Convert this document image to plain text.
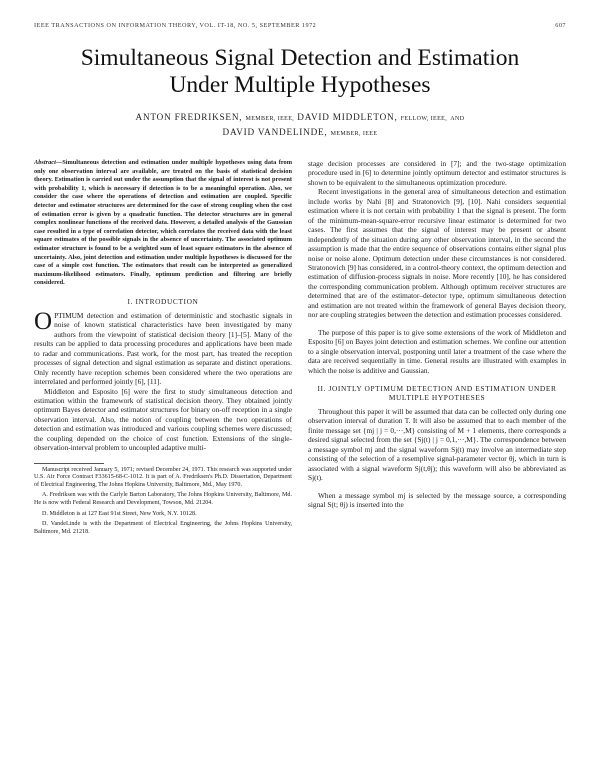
IEEE TRANSACTIONS ON INFORMATION THEORY, VOL. IT-18, NO. 5, SEPTEMBER 1972	607
Simultaneous Signal Detection and Estimation
Under Multiple Hypotheses
ANTON FREDRIKSEN, MEMBER, IEEE, DAVID MIDDLETON, FELLOW, IEEE, AND
DAVID VANDELINDE, MEMBER, IEEE

Abstract—Simultaneous detection and estimation under multiple hypotheses using data from only one observation interval are available, are treated on the basis of statistical decision theory. Estimation is carried out under the assumption that the signal of interest is not present with probability 1, which is necessary if detection is to be a meaningful operation. Also, we consider the case where the operations of detection and estimation are coupled. Specific detector and estimator structures are determined for the case of strong coupling when the cost of estimation error is given by a quadratic function. The detector structures are in general complex nonlinear functions of the received data. However, a detailed analysis of the Gaussian case resulted in a type of correlation detector, which correlates the received data with the least square estimates of the possible signals in the absence of uncertainty. The associated optimum estimator structure is found to be a weighted sum of least square estimators in the absence of uncertainty. Also, joint detection and estimation under multiple hypotheses is discussed for the case of a simple cost function. The estimators that result can be interpreted as generalized maximum-likelihood estimators. Finally, optimum prediction and filtering are briefly considered.

I. INTRODUCTION

OPTIMUM detection and estimation of deterministic and stochastic signals in noise of known statistical characteristics have been investigated by many authors from the viewpoint of statistical decision theory [1]–[5]. Many of the results can be applied to data processing procedures and applications have been made to radar and communications. Past work, for the most part, has treated the reception processes of signal detection and signal estimation as separate and distinct operations. Only recently have reception schemes been considered where the two operations are interrelated and performed jointly [6], [11].

Middleton and Esposito [6] were the first to study simultaneous detection and estimation within the framework of statistical decision theory. They obtained jointly optimum Bayes detector and estimator structures for binary on-off reception in a single observation interval. Also, the notion of coupling between the two operations of detection and estimation was introduced and various coupling schemes were discussed; the coupling depended on the choice of cost function. Extensions of the single-observation-interval problem to uncoupled adaptive multi-

Manuscript received January 5, 1971; revised December 24, 1971. This research was supported under U.S. Air Force Contract F33615-68-C-1012. It is part of A. Fredriksen's Ph.D. Dissertation, Department of Electrical Engineering, The Johns Hopkins University, Baltimore, Md., May 1970.
A. Fredriksen was with the Carlyle Barton Laboratory, The Johns Hopkins University, Baltimore, Md. He is now with Federal Research and Development, Towson, Md. 21204.
D. Middleton is at 127 East 91st Street, New York, N.Y. 10128.
D. VandeLinde is with the Department of Electrical Engineering, the Johns Hopkins University, Baltimore, Md. 21218.

stage decision processes are considered in [7]; and the two-stage optimization procedure used in [6] to determine jointly optimum detector and estimator structures is shown to be equivalent to the simultaneous optimization procedure.

Recent investigations in the general area of simultaneous detection and estimation include works by Nahi [8] and Stratonovich [9], [10]. Nahi considers sequential estimation where it is not certain with probability 1 that the signal is present. The form of the minimum-mean-square-error recursive linear estimator is determined for two cases. The first assumes that the signal of interest may be present or absent independently of the situation during any other observation interval, in the second the assumption is made that the entire sequence of observations contains either signal plus noise or noise alone. Optimum detection under these circumstances is not considered. Stratonovich [9] has considered, in a control-theory context, the optimum detection and estimation of diffusion-process signals in noise. More recently [10], he has considered the corresponding communication problem. Although optimum receiver structures are determined that are of the estimator–detector type, optimum simultaneous detection and estimation are not treated within the framework of general Bayes decision theory, nor are coupling strategies between the detection and estimation processes considered.

The purpose of this paper is to give some extensions of the work of Middleton and Esposito [6] on Bayes joint detection and estimation schemes. We confine our attention to a single observation interval, postponing until later a treatment of the case where the data are received sequentially in time. General results are illustrated with examples in which the noise is additive and Gaussian.

II. JOINTLY OPTIMUM DETECTION AND ESTIMATION UNDER MULTIPLE HYPOTHESES

Throughout this paper it will be assumed that data can be collected only during one observation interval of duration T. It will also be assumed that to each member of the finite message set {mj | j = 0,···,M} consisting of M + 1 elements, there corresponds a desired signal selected from the set {Sj(t) | j = 0,1,···,M}. The correspondence between a message symbol mj and the signal waveform Sj(t) may involve an intermediate step consisting of the selection of a resemplive signal-parameter vector θj, which in turn is associated with a signal waveform Sj(t,θj); this waveform will also be abbreviated as Sj(t).

When a message symbol mj is selected by the message source, a corresponding signal S(t; θj) is inserted into the
